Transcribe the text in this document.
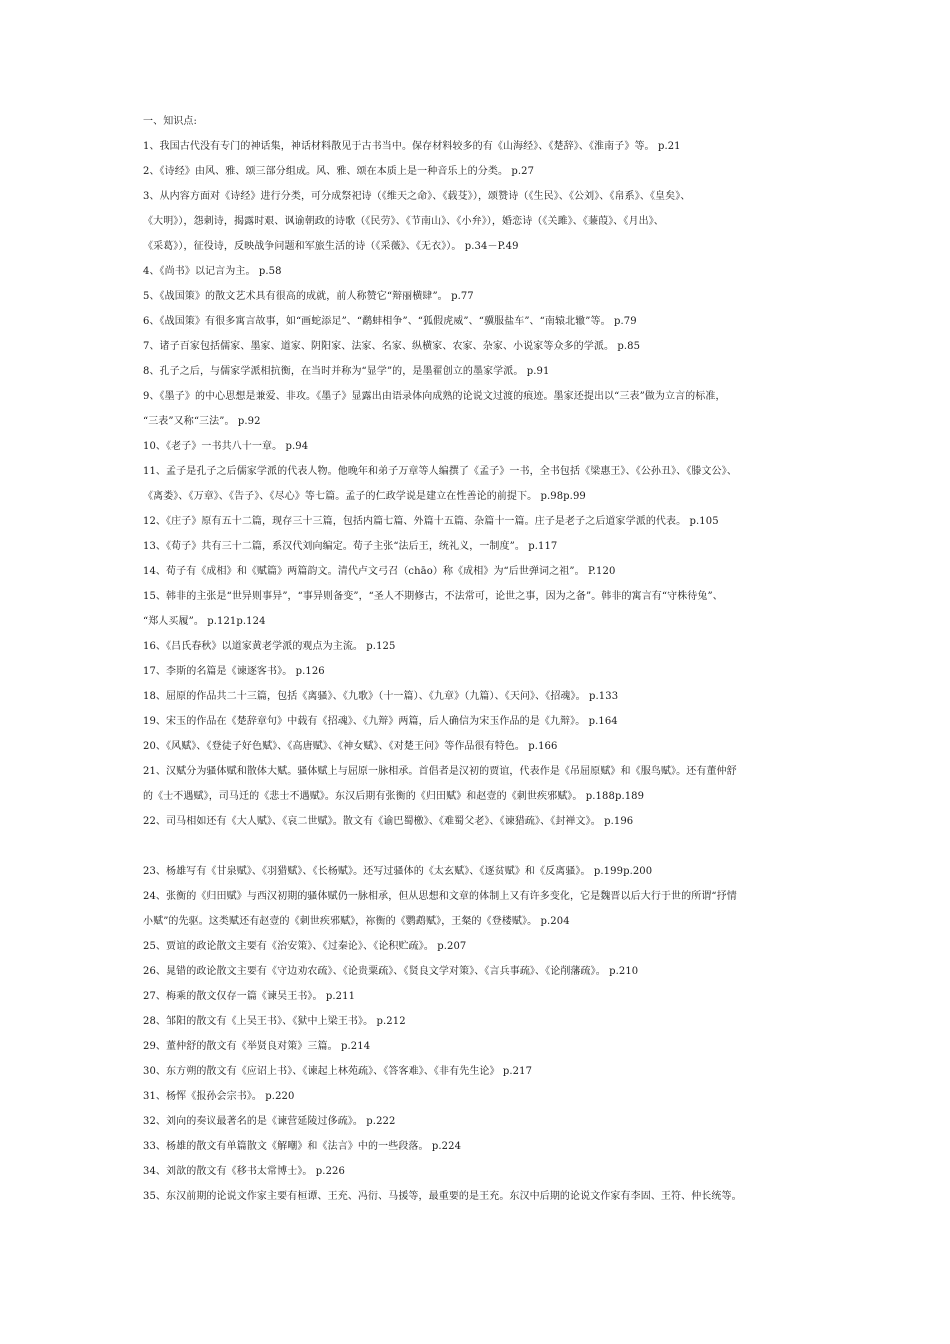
一、知识点:
1、我国古代没有专门的神话集，神话材料散见于古书当中。保存材料较多的有《山海经》、《楚辞》、《淮南子》等。 p.21
2、《诗经》由风、雅、颂三部分组成。风、雅、颂在本质上是一种音乐上的分类。 p.27
3、从内容方面对《诗经》进行分类，可分成祭祀诗（《维天之命》、《载芟》），颂赞诗（《生民》、《公刘》、《帛系》、《皇矣》、
《大明》），怨刺诗，揭露时艰、讽谕朝政的诗歌（《民劳》、《节南山》、《小弁》），婚恋诗（《关雎》、《蒹葭》、《月出》、
《采葛》），征役诗，反映战争问题和军旅生活的诗（《采薇》、《无衣》）。 p.34－P.49
4、《尚书》以记言为主。 p.58
5、《战国策》的散文艺术具有很高的成就，前人称赞它“辩丽横肆”。 p.77
6、《战国策》有很多寓言故事，如“画蛇添足”、“鹬蚌相争”、“狐假虎威”、“骥服盐车”、“南辕北辙”等。 p.79
7、诸子百家包括儒家、墨家、道家、阴阳家、法家、名家、纵横家、农家、杂家、小说家等众多的学派。 p.85
8、孔子之后，与儒家学派相抗衡，在当时并称为“显学”的，是墨翟创立的墨家学派。 p.91
9、《墨子》的中心思想是兼爱、非攻。《墨子》显露出由语录体向成熟的论说文过渡的痕迹。墨家还提出以“三表”做为立言的标准，
“三表”又称“三法”。 p.92
10、《老子》一书共八十一章。 p.94
11、孟子是孔子之后儒家学派的代表人物。他晚年和弟子万章等人编撰了《孟子》一书，全书包括《梁惠王》、《公孙丑》、《滕文公》、
《离娄》、《万章》、《告子》、《尽心》等七篇。孟子的仁政学说是建立在性善论的前提下。 p.98p.99
12、《庄子》原有五十二篇，现存三十三篇，包括内篇七篇、外篇十五篇、杂篇十一篇。庄子是老子之后道家学派的代表。 p.105
13、《荀子》共有三十二篇，系汉代刘向编定。荀子主张“法后王，统礼义，一制度”。 p.117
14、荀子有《成相》和《赋篇》两篇韵文。清代卢文弓召（chāo）称《成相》为“后世弹词之祖”。 P.120
15、韩非的主张是“世异则事异”，“事异则备变”，“圣人不期修古，不法常可，论世之事，因为之备”。韩非的寓言有“守株待兔”、
“郑人买履”。 p.121p.124
16、《吕氏春秋》以道家黄老学派的观点为主流。 p.125
17、李斯的名篇是《谏逐客书》。 p.126
18、屈原的作品共二十三篇，包括《离骚》、《九歌》（十一篇）、《九章》（九篇）、《天问》、《招魂》。 p.133
19、宋玉的作品在《楚辞章句》中载有《招魂》、《九辩》两篇，后人确信为宋玉作品的是《九辩》。 p.164
20、《风赋》、《登徒子好色赋》、《高唐赋》、《神女赋》、《对楚王问》等作品很有特色。 p.166
21、汉赋分为骚体赋和散体大赋。骚体赋上与屈原一脉相承。首倡者是汉初的贾谊，代表作是《吊屈原赋》和《服鸟赋》。还有董仲舒
的《士不遇赋》，司马迁的《悲士不遇赋》。东汉后期有张衡的《归田赋》和赵壹的《刺世疾邪赋》。 p.188p.189
22、司马相如还有《大人赋》、《哀二世赋》。散文有《谕巴蜀檄》、《难蜀父老》、《谏猎疏》、《封禅文》。 p.196
23、杨雄写有《甘泉赋》、《羽猎赋》、《长杨赋》。还写过骚体的《太玄赋》、《逐贫赋》和《反离骚》。 p.199p.200
24、张衡的《归田赋》与西汉初期的骚体赋仍一脉相承，但从思想和文章的体制上又有许多变化，它是魏晋以后大行于世的所谓“抒情
小赋”的先驱。这类赋还有赵壹的《刺世疾邪赋》，祢衡的《鹦鹉赋》，王粲的《登楼赋》。 p.204
25、贾谊的政论散文主要有《治安策》、《过秦论》、《论积贮疏》。 p.207
26、晁错的政论散文主要有《守边劝农疏》、《论贵粟疏》、《贤良文学对策》、《言兵事疏》、《论削藩疏》。 p.210
27、梅乘的散文仅存一篇《谏吴王书》。 p.211
28、邹阳的散文有《上吴王书》、《狱中上梁王书》。 p.212
29、董仲舒的散文有《举贤良对策》三篇。 p.214
30、东方朔的散文有《应诏上书》、《谏起上林苑疏》、《答客难》、《非有先生论》 p.217
31、杨恽《报孙会宗书》。 p.220
32、刘向的奏议最著名的是《谏营延陵过侈疏》。 p.222
33、杨雄的散文有单篇散文《解嘲》和《法言》中的一些段落。 p.224
34、刘歆的散文有《移书太常博士》。 p.226
35、东汉前期的论说文作家主要有桓谭、王充、冯衍、马援等，最重要的是王充。东汉中后期的论说文作家有李固、王符、仲长统等。
